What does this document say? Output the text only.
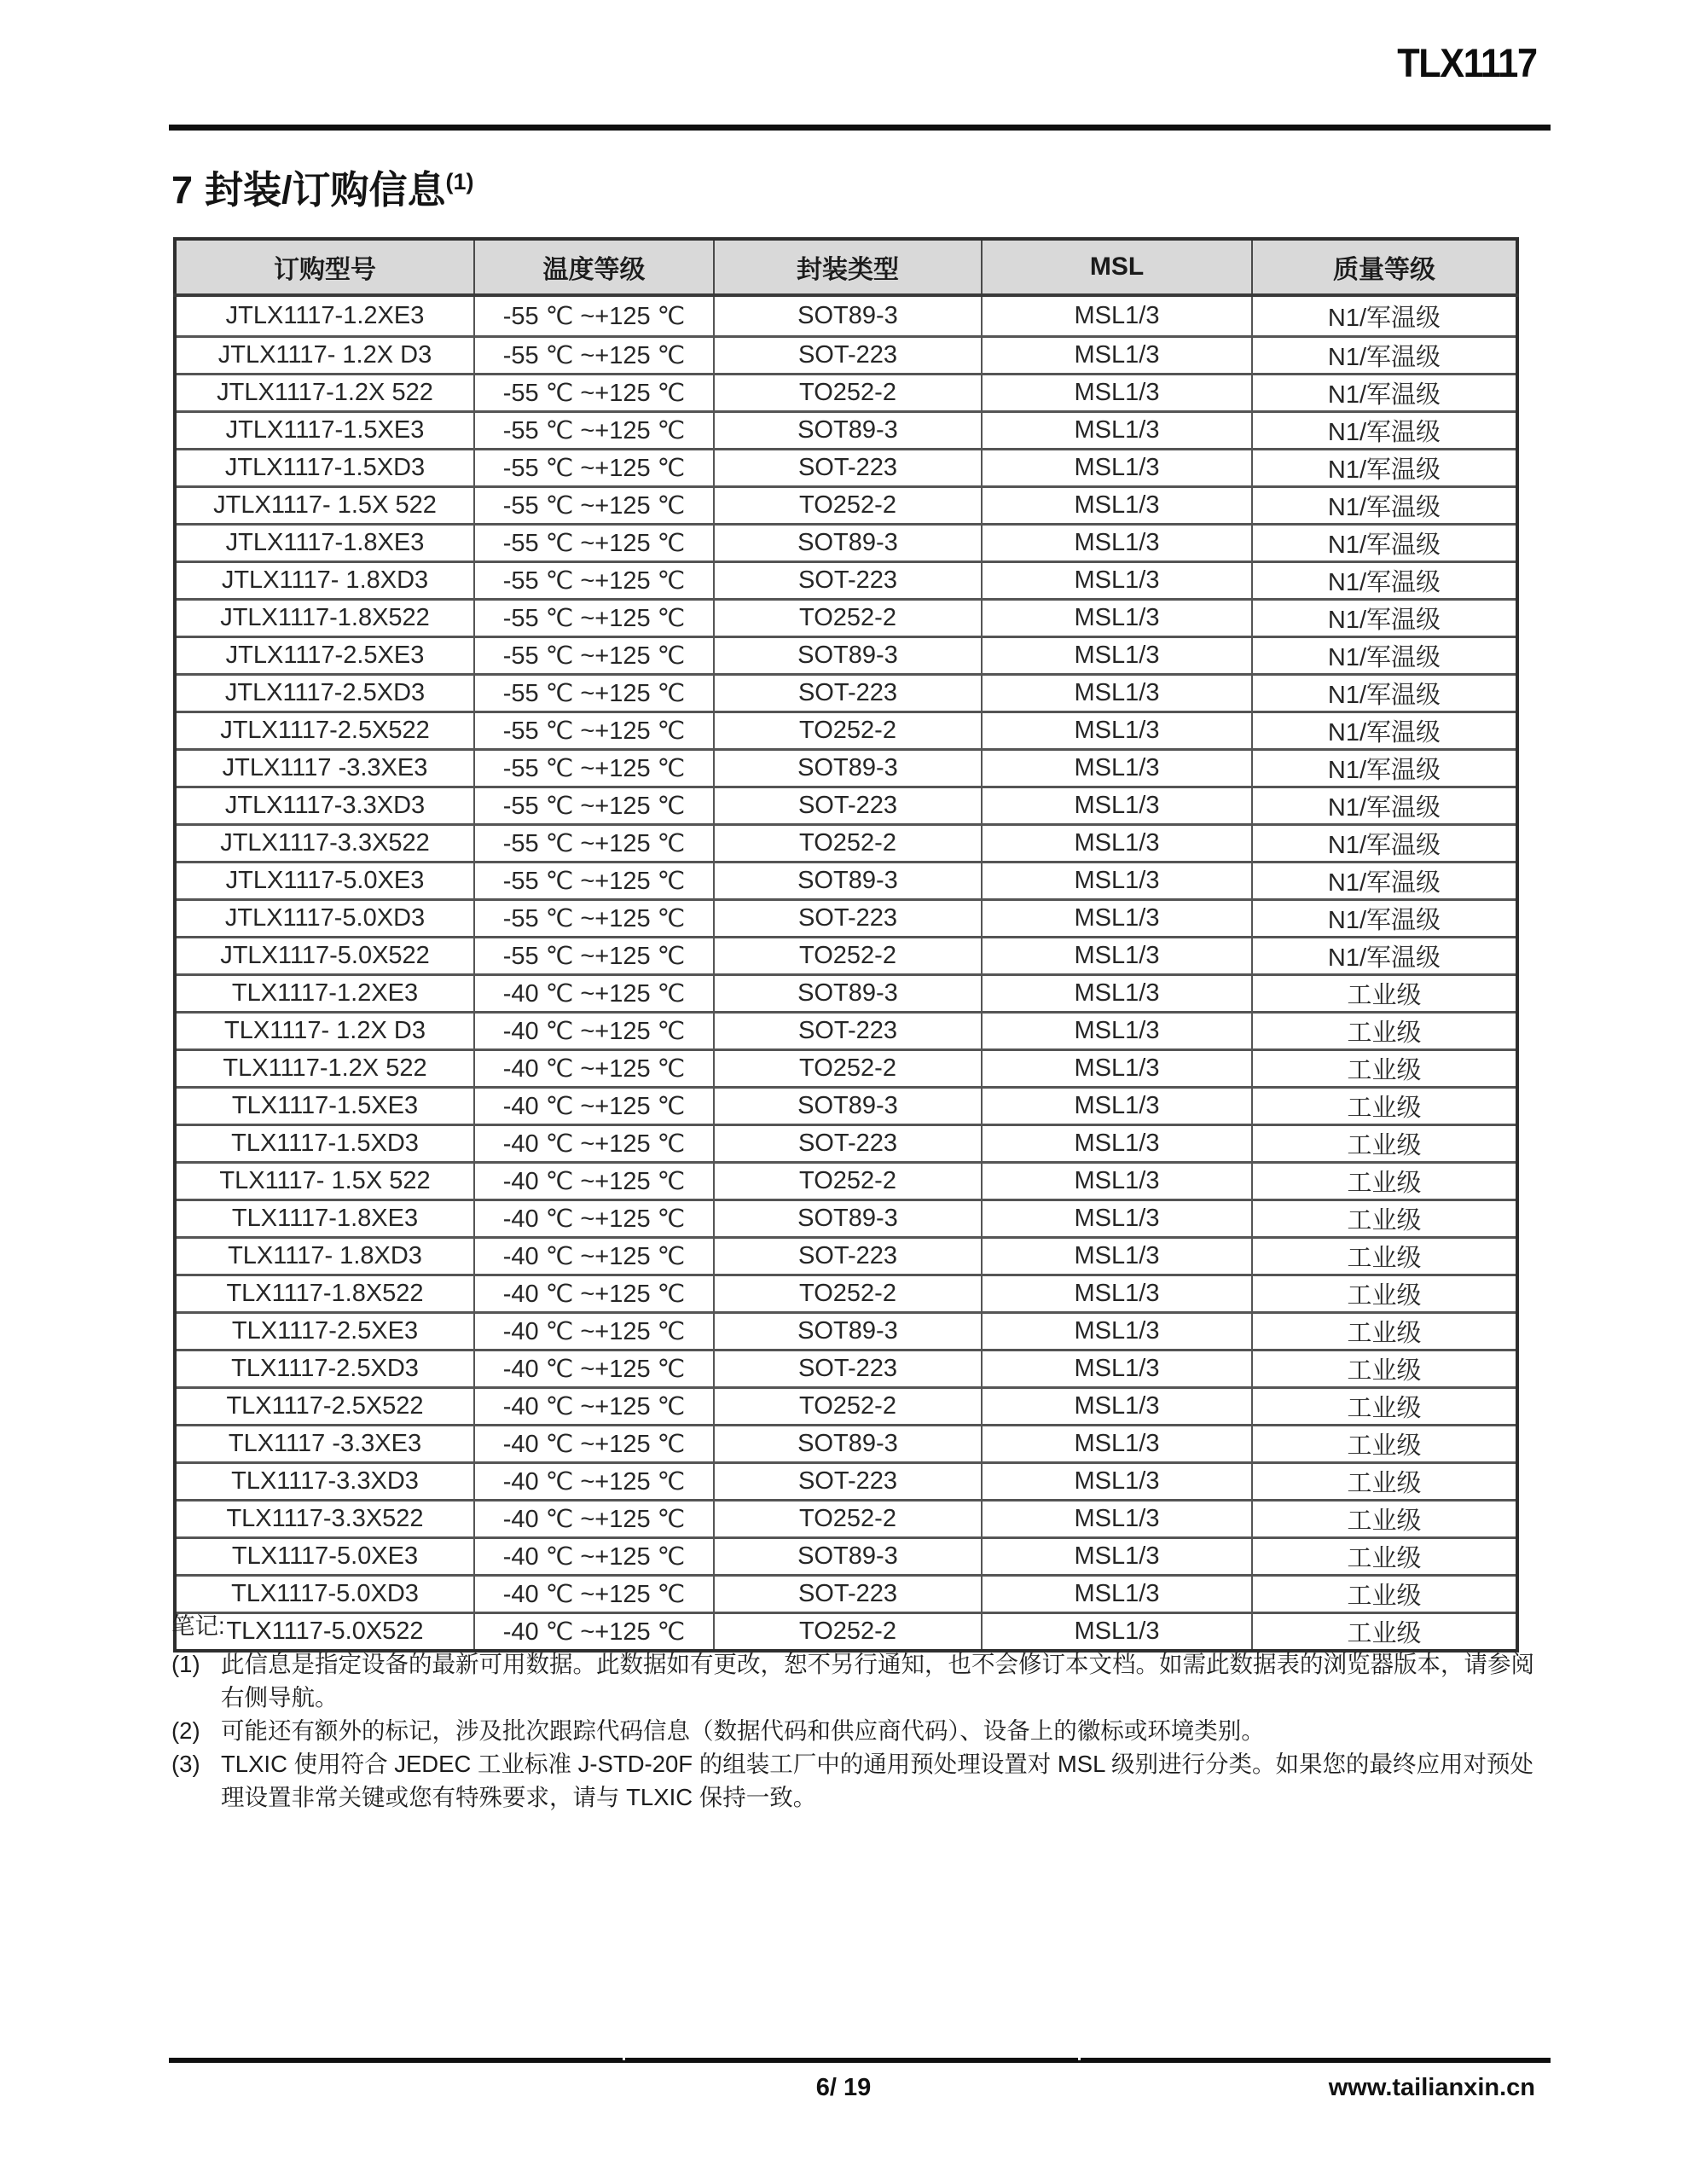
TLX1117
7 封装/订购信息$^{(1)}$
订购型号	温度等级	封装类型	MSL	质量等级
JTLX1117-1.2XE3	-55 ℃ ~+125 ℃	SOT89-3	MSL1/3	N1/军温级
JTLX1117- 1.2X D3	-55 ℃ ~+125 ℃	SOT-223	MSL1/3	N1/军温级
JTLX1117-1.2X 522	-55 ℃ ~+125 ℃	TO252-2	MSL1/3	N1/军温级
JTLX1117-1.5XE3	-55 ℃ ~+125 ℃	SOT89-3	MSL1/3	N1/军温级
JTLX1117-1.5XD3	-55 ℃ ~+125 ℃	SOT-223	MSL1/3	N1/军温级
JTLX1117- 1.5X 522	-55 ℃ ~+125 ℃	TO252-2	MSL1/3	N1/军温级
JTLX1117-1.8XE3	-55 ℃ ~+125 ℃	SOT89-3	MSL1/3	N1/军温级
JTLX1117- 1.8XD3	-55 ℃ ~+125 ℃	SOT-223	MSL1/3	N1/军温级
JTLX1117-1.8X522	-55 ℃ ~+125 ℃	TO252-2	MSL1/3	N1/军温级
JTLX1117-2.5XE3	-55 ℃ ~+125 ℃	SOT89-3	MSL1/3	N1/军温级
JTLX1117-2.5XD3	-55 ℃ ~+125 ℃	SOT-223	MSL1/3	N1/军温级
JTLX1117-2.5X522	-55 ℃ ~+125 ℃	TO252-2	MSL1/3	N1/军温级
JTLX1117 -3.3XE3	-55 ℃ ~+125 ℃	SOT89-3	MSL1/3	N1/军温级
JTLX1117-3.3XD3	-55 ℃ ~+125 ℃	SOT-223	MSL1/3	N1/军温级
JTLX1117-3.3X522	-55 ℃ ~+125 ℃	TO252-2	MSL1/3	N1/军温级
JTLX1117-5.0XE3	-55 ℃ ~+125 ℃	SOT89-3	MSL1/3	N1/军温级
JTLX1117-5.0XD3	-55 ℃ ~+125 ℃	SOT-223	MSL1/3	N1/军温级
JTLX1117-5.0X522	-55 ℃ ~+125 ℃	TO252-2	MSL1/3	N1/军温级
TLX1117-1.2XE3	-40 ℃ ~+125 ℃	SOT89-3	MSL1/3	工业级
TLX1117- 1.2X D3	-40 ℃ ~+125 ℃	SOT-223	MSL1/3	工业级
TLX1117-1.2X 522	-40 ℃ ~+125 ℃	TO252-2	MSL1/3	工业级
TLX1117-1.5XE3	-40 ℃ ~+125 ℃	SOT89-3	MSL1/3	工业级
TLX1117-1.5XD3	-40 ℃ ~+125 ℃	SOT-223	MSL1/3	工业级
TLX1117- 1.5X 522	-40 ℃ ~+125 ℃	TO252-2	MSL1/3	工业级
TLX1117-1.8XE3	-40 ℃ ~+125 ℃	SOT89-3	MSL1/3	工业级
TLX1117- 1.8XD3	-40 ℃ ~+125 ℃	SOT-223	MSL1/3	工业级
TLX1117-1.8X522	-40 ℃ ~+125 ℃	TO252-2	MSL1/3	工业级
TLX1117-2.5XE3	-40 ℃ ~+125 ℃	SOT89-3	MSL1/3	工业级
TLX1117-2.5XD3	-40 ℃ ~+125 ℃	SOT-223	MSL1/3	工业级
TLX1117-2.5X522	-40 ℃ ~+125 ℃	TO252-2	MSL1/3	工业级
TLX1117 -3.3XE3	-40 ℃ ~+125 ℃	SOT89-3	MSL1/3	工业级
TLX1117-3.3XD3	-40 ℃ ~+125 ℃	SOT-223	MSL1/3	工业级
TLX1117-3.3X522	-40 ℃ ~+125 ℃	TO252-2	MSL1/3	工业级
TLX1117-5.0XE3	-40 ℃ ~+125 ℃	SOT89-3	MSL1/3	工业级
TLX1117-5.0XD3	-40 ℃ ~+125 ℃	SOT-223	MSL1/3	工业级
TLX1117-5.0X522	-40 ℃ ~+125 ℃	TO252-2	MSL1/3	工业级
笔记:
(1) 此信息是指定设备的最新可用数据。此数据如有更改，恕不另行通知，也不会修订本文档。如需此数据表的浏览器版本，请参阅右侧导航。
(2) 可能还有额外的标记，涉及批次跟踪代码信息（数据代码和供应商代码）、设备上的徽标或环境类别。
(3) TLXIC 使用符合 JEDEC 工业标准 J-STD-20F 的组装工厂中的通用预处理设置对 MSL 级别进行分类。如果您的最终应用对预处理设置非常关键或您有特殊要求，请与 TLXIC 保持一致。
6/ 19	www.tailianxin.cn
